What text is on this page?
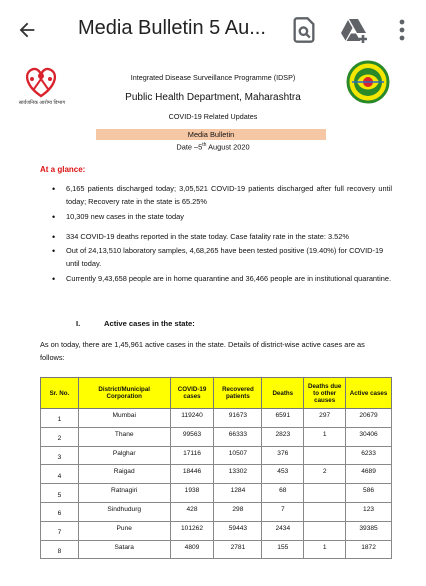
Media Bulletin 5 Au...
सार्वजनिक आरोग्य विभाग
Integrated Disease Surveillance Programme (IDSP)
Public Health Department, Maharashtra
COVID-19 Related Updates
Media Bulletin
Date –5th August 2020
At a glance:
• 6,165 patients discharged today; 3,05,521 COVID-19 patients discharged after full recovery until today; Recovery rate in the state is 65.25%
• 10,309 new cases in the state today
• 334 COVID-19 deaths reported in the state today. Case fatality rate in the state: 3.52%
• Out of 24,13,510 laboratory samples, 4,68,265 have been tested positive (19.40%) for COVID-19 until today.
• Currently 9,43,658 people are in home quarantine and 36,466 people are in institutional quarantine.
I.	Active cases in the state:
As on today, there are 1,45,961 active cases in the state. Details of district-wise active cases are as follows:
Sr. No.	District/Municipal Corporation	COVID-19 cases	Recovered patients	Deaths	Deaths due to other causes	Active cases
1	Mumbai	119240	91673	6591	297	20679
2	Thane	99563	66333	2823	1	30406
3	Palghar	17116	10507	376		6233
4	Raigad	18446	13302	453	2	4689
5	Ratnagiri	1938	1284	68		586
6	Sindhudurg	428	298	7		123
7	Pune	101262	59443	2434		39385
8	Satara	4809	2781	155	1	1872
